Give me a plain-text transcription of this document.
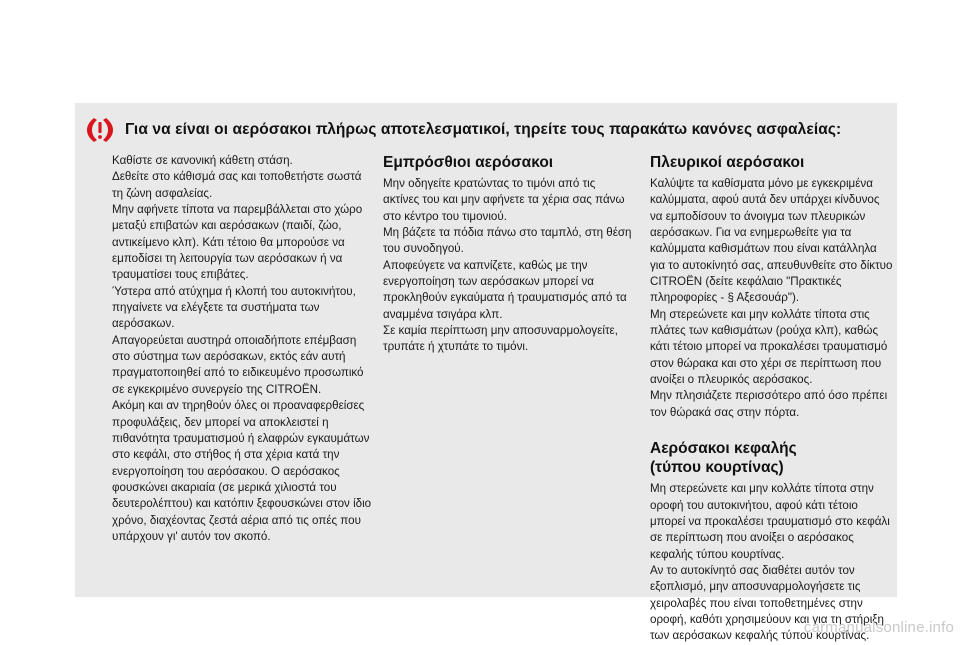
Για να είναι οι αερόσακοι πλήρως αποτελεσματικοί, τηρείτε τους παρακάτω κανόνες ασφαλείας:

Καθίστε σε κανονική κάθετη στάση.
Δεθείτε στο κάθισμά σας και τοποθετήστε σωστά τη ζώνη ασφαλείας.
Μην αφήνετε τίποτα να παρεμβάλλεται στο χώρο μεταξύ επιβατών και αερόσακων (παιδί, ζώο, αντικείμενο κλπ). Κάτι τέτοιο θα μπορούσε να εμποδίσει τη λειτουργία των αερόσακων ή να τραυματίσει τους επιβάτες.
Ύστερα από ατύχημα ή κλοπή του αυτοκινήτου, πηγαίνετε να ελέγξετε τα συστήματα των αερόσακων.
Απαγορεύεται αυστηρά οποιαδήποτε επέμβαση στο σύστημα των αερόσακων, εκτός εάν αυτή πραγματοποιηθεί από το ειδικευμένο προσωπικό σε εγκεκριμένο συνεργείο της CITROËN.
Ακόμη και αν τηρηθούν όλες οι προαναφερθείσες προφυλάξεις, δεν μπορεί να αποκλειστεί η πιθανότητα τραυματισμού ή ελαφρών εγκαυμάτων στο κεφάλι, στο στήθος ή στα χέρια κατά την ενεργοποίηση του αερόσακου. Ο αερόσακος φουσκώνει ακαριαία (σε μερικά χιλιοστά του δευτερολέπτου) και κατόπιν ξεφουσκώνει στον ίδιο χρόνο, διαχέοντας ζεστά αέρια από τις οπές που υπάρχουν γι' αυτόν τον σκοπό.

Εμπρόσθιοι αερόσακοι

Μην οδηγείτε κρατώντας το τιμόνι από τις ακτίνες του και μην αφήνετε τα χέρια σας πάνω στο κέντρο του τιμονιού.
Μη βάζετε τα πόδια πάνω στο ταμπλό, στη θέση του συνοδηγού.
Αποφεύγετε να καπνίζετε, καθώς με την ενεργοποίηση των αερόσακων μπορεί να προκληθούν εγκαύματα ή τραυματισμός από τα αναμμένα τσιγάρα κλπ.
Σε καμία περίπτωση μην αποσυναρμολογείτε, τρυπάτε ή χτυπάτε το τιμόνι.

Πλευρικοί αερόσακοι

Καλύψτε τα καθίσματα μόνο με εγκεκριμένα καλύμματα, αφού αυτά δεν υπάρχει κίνδυνος να εμποδίσουν το άνοιγμα των πλευρικών αερόσακων. Για να ενημερωθείτε για τα καλύμματα καθισμάτων που είναι κατάλληλα για το αυτοκίνητό σας, απευθυνθείτε στο δίκτυο CITROËN (δείτε κεφάλαιο "Πρακτικές πληροφορίες - § Αξεσουάρ").
Μη στερεώνετε και μην κολλάτε τίποτα στις πλάτες των καθισμάτων (ρούχα κλπ), καθώς κάτι τέτοιο μπορεί να προκαλέσει τραυματισμό στον θώρακα και στο χέρι σε περίπτωση που ανοίξει ο πλευρικός αερόσακος.
Μην πλησιάζετε περισσότερο από όσο πρέπει τον θώρακά σας στην πόρτα.

Αερόσακοι κεφαλής
(τύπου κουρτίνας)

Μη στερεώνετε και μην κολλάτε τίποτα στην οροφή του αυτοκινήτου, αφού κάτι τέτοιο μπορεί να προκαλέσει τραυματισμό στο κεφάλι σε περίπτωση που ανοίξει ο αερόσακος κεφαλής τύπου κουρτίνας.
Αν το αυτοκίνητό σας διαθέτει αυτόν τον εξοπλισμό, μην αποσυναρμολογήσετε τις χειρολαβές που είναι τοποθετημένες στην οροφή, καθότι χρησιμεύουν και για τη στήριξη των αερόσακων κεφαλής τύπου κουρτίνας.

carmanualsonline.info
